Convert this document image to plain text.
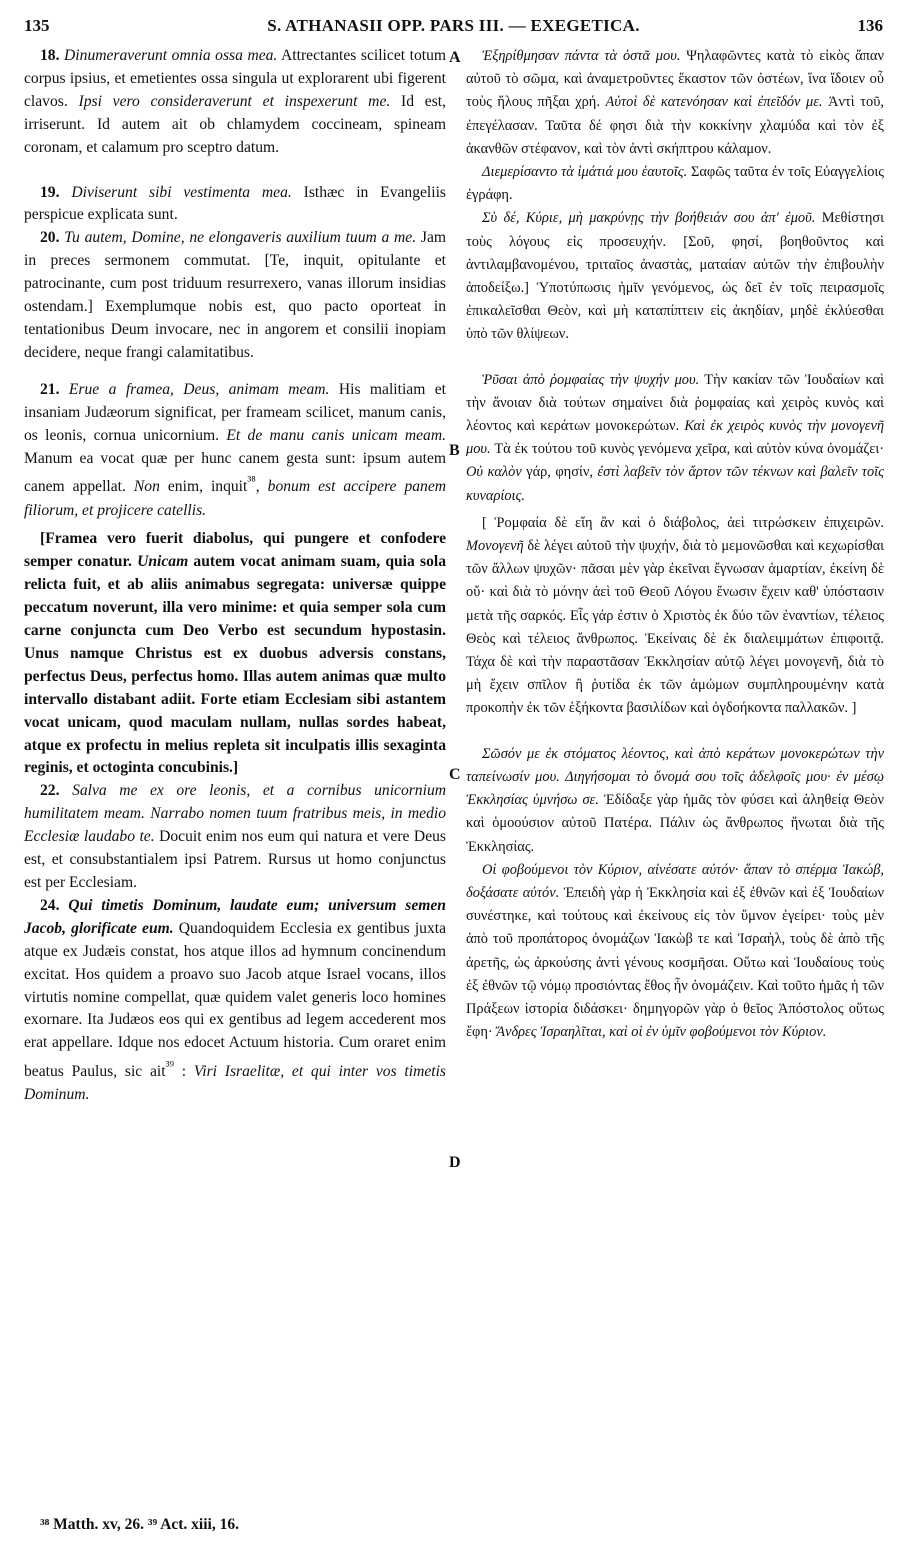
135	S. ATHANASII OPP. PARS III. — EXEGETICA.	136
A
B
C
D

18. Dinumeraverunt omnia ossa mea. Attrectantes scilicet totum corpus ipsius, et emetientes ossa singula ut explorarent ubi figerent clavos. Ipsi vero consideraverunt et inspexerunt me. Id est, irriserunt. Id autem ait ob chlamydem coccineam, spineam coronam, et calamum pro sceptro datum.

19. Diviserunt sibi vestimenta mea. Isthæc in Evangeliis perspicue explicata sunt.

20. Tu autem, Domine, ne elongaveris auxilium tuum a me. Jam in preces sermonem commutat. [Te, inquit, opitulante et patrocinante, cum post triduum resurrexero, vanas illorum insidias ostendam.] Exemplumque nobis est, quo pacto oporteat in tentationibus Deum invocare, nec in angorem et consilii inopiam decidere, neque frangi calamitatibus.

21. Erue a framea, Deus, animam meam. His malitiam et insaniam Judæorum significat, per frameam scilicet, manum canis, os leonis, cornua unicornium. Et de manu canis unicam meam. Manum ea vocat quæ per hunc canem gesta sunt: ipsum autem canem appellat. Non enim, inquit$^{^{38}}$, bonum est accipere panem filiorum, et projicere catellis.

[Framea vero fuerit diabolus, qui pungere et confodere semper conatur. Unicam autem vocat animam suam, quia sola relicta fuit, et ab aliis animabus segregata: universæ quippe peccatum noverunt, illa vero minime: et quia semper sola cum carne conjuncta cum Deo Verbo est secundum hypostasin. Unus namque Christus est ex duobus adversis constans, perfectus Deus, perfectus homo. Illas autem animas quæ multo intervallo distabant adiit. Forte etiam Ecclesiam sibi astantem vocat unicam, quod maculam nullam, nullas sordes habeat, atque ex profectu in melius repleta sit inculpatis illis sexaginta reginis, et octoginta concubinis.]

22. Salva me ex ore leonis, et a cornibus unicornium humilitatem meam. Narrabo nomen tuum fratribus meis, in medio Ecclesiæ laudabo te. Docuit enim nos eum qui natura et vere Deus est, et consubstantialem ipsi Patrem. Rursus ut homo conjunctus est per Ecclesiam.

24. Qui timetis Dominum, laudate eum; universum semen Jacob, glorificate eum. Quandoquidem Ecclesia ex gentibus juxta atque ex Judæis constat, hos atque illos ad hymnum concinendum excitat. Hos quidem a proavo suo Jacob atque Israel vocans, illos virtutis nomine compellat, quæ quidem valet generis loco homines exornare. Ita Judæos eos qui ex gentibus ad legem accederent mos erat appellare. Idque nos edocet Actuum historia. Cum oraret enim beatus Paulus, sic ait$^{^{39}}$ : Viri Israelitæ, et qui inter vos timetis Dominum.

Ἐξηρίθμησαν πάντα τὰ ὀστᾶ μου. Ψηλαφῶντες κατὰ τὸ εἰκὸς ἅπαν αὐτοῦ τὸ σῶμα, καὶ ἀναμετροῦντες ἕκαστον τῶν ὀστέων, ἵνα ἴδοιεν οὗ τοὺς ἥλους πῆξαι χρή. Αὐτοὶ δὲ κατενόησαν καὶ ἐπεῖδόν με. Ἀντὶ τοῦ, ἐπεγέλασαν. Ταῦτα δέ φησι διὰ τὴν κοκκίνην χλαμύδα καὶ τὸν ἐξ ἀκανθῶν στέφανον, καὶ τὸν ἀντὶ σκήπτρου κάλαμον.

Διεμερίσαντο τὰ ἱμάτιά μου ἑαυτοῖς. Σαφῶς ταῦτα ἐν τοῖς Εὐαγγελίοις ἐγράφη.

Σὺ δέ, Κύριε, μὴ μακρύνῃς τὴν βοήθειάν σου ἀπ' ἐμοῦ. Μεθίστησι τοὺς λόγους εἰς προσευχήν. [Σοῦ, φησί, βοηθοῦντος καὶ ἀντιλαμβανομένου, τριταῖος ἀναστὰς, ματαίαν αὐτῶν τὴν ἐπιβουλὴν ἀποδείξω.] Ὑποτύπωσις ἡμῖν γενόμενος, ὡς δεῖ ἐν τοῖς πειρασμοῖς ἐπικαλεῖσθαι Θεὸν, καὶ μὴ καταπίπτειν εἰς ἀκηδίαν, μηδὲ ἐκλύεσθαι ὑπὸ τῶν θλίψεων.

Ῥῦσαι ἀπὸ ῥομφαίας τὴν ψυχήν μου. Τὴν κακίαν τῶν Ἰουδαίων καὶ τὴν ἄνοιαν διὰ τούτων σημαίνει διὰ ῥομφαίας καὶ χειρὸς κυνὸς καὶ λέοντος καὶ κεράτων μονοκερώτων. Καὶ ἐκ χειρὸς κυνὸς τὴν μονογενῆ μου. Τὰ ἐκ τούτου τοῦ κυνὸς γενόμενα χεῖρα, καὶ αὐτὸν κύνα ὀνομάζει· Οὐ καλὸν γάρ, φησίν, ἐστὶ λαβεῖν τὸν ἄρτον τῶν τέκνων καὶ βαλεῖν τοῖς κυναρίοις.

[ Ῥομφαία δὲ εἴη ἂν καὶ ὁ διάβολος, ἀεὶ τιτρώσκειν ἐπιχειρῶν. Μονογενῆ δὲ λέγει αὐτοῦ τὴν ψυχήν, διὰ τὸ μεμονῶσθαι καὶ κεχωρίσθαι τῶν ἄλλων ψυχῶν· πᾶσαι μὲν γὰρ ἐκεῖναι ἔγνωσαν ἁμαρτίαν, ἐκείνη δὲ οὔ· καὶ διὰ τὸ μόνην ἀεὶ τοῦ Θεοῦ Λόγου ἕνωσιν ἔχειν καθ' ὑπόστασιν μετὰ τῆς σαρκός. Εἷς γάρ ἐστιν ὁ Χριστὸς ἐκ δύο τῶν ἐναντίων, τέλειος Θεὸς καὶ τέλειος ἄνθρωπος. Ἐκείναις δὲ ἐκ διαλειμμάτων ἐπιφοιτᾷ. Τάχα δὲ καὶ τὴν παραστᾶσαν Ἐκκλησίαν αὐτῷ λέγει μονογενῆ, διὰ τὸ μὴ ἔχειν σπῖλον ἢ ῥυτίδα ἐκ τῶν ἀμώμων συμπληρουμένην κατὰ προκοπὴν ἐκ τῶν ἑξήκοντα βασιλίδων καὶ ὀγδοήκοντα παλλακῶν. ]

Σῶσόν με ἐκ στόματος λέοντος, καὶ ἀπὸ κεράτων μονοκερώτων τὴν ταπείνωσίν μου. Διηγήσομαι τὸ ὄνομά σου τοῖς ἀδελφοῖς μου· ἐν μέσῳ Ἐκκλησίας ὑμνήσω σε. Ἐδίδαξε γὰρ ἡμᾶς τὸν φύσει καὶ ἀληθείᾳ Θεὸν καὶ ὁμοούσιον αὐτοῦ Πατέρα. Πάλιν ὡς ἄνθρωπος ἥνωται διὰ τῆς Ἐκκλησίας.

Οἱ φοβούμενοι τὸν Κύριον, αἰνέσατε αὐτόν· ἅπαν τὸ σπέρμα Ἰακώβ, δοξάσατε αὐτόν. Ἐπειδὴ γὰρ ἡ Ἐκκλησία καὶ ἐξ ἐθνῶν καὶ ἐξ Ἰουδαίων συνέστηκε, καὶ τούτους καὶ ἐκείνους εἰς τὸν ὕμνον ἐγείρει· τοὺς μὲν ἀπὸ τοῦ προπάτορος ὀνομάζων Ἰακὼβ τε καὶ Ἰσραὴλ, τοὺς δὲ ἀπὸ τῆς ἀρετῆς, ὡς ἀρκούσης ἀντὶ γένους κοσμῆσαι. Οὕτω καὶ Ἰουδαίους τοὺς ἐξ ἐθνῶν τῷ νόμῳ προσιόντας ἔθος ἦν ὀνομάζειν. Καὶ τοῦτο ἡμᾶς ἡ τῶν Πράξεων ἱστορία διδάσκει· δημηγορῶν γὰρ ὁ θεῖος Ἀπόστολος οὕτως ἔφη· Ἄνδρες Ἰσραηλῖται, καὶ οἱ ἐν ὑμῖν φοβούμενοι τὸν Κύριον.

³⁸ Matth. xv, 26. ³⁹ Act. xiii, 16.
